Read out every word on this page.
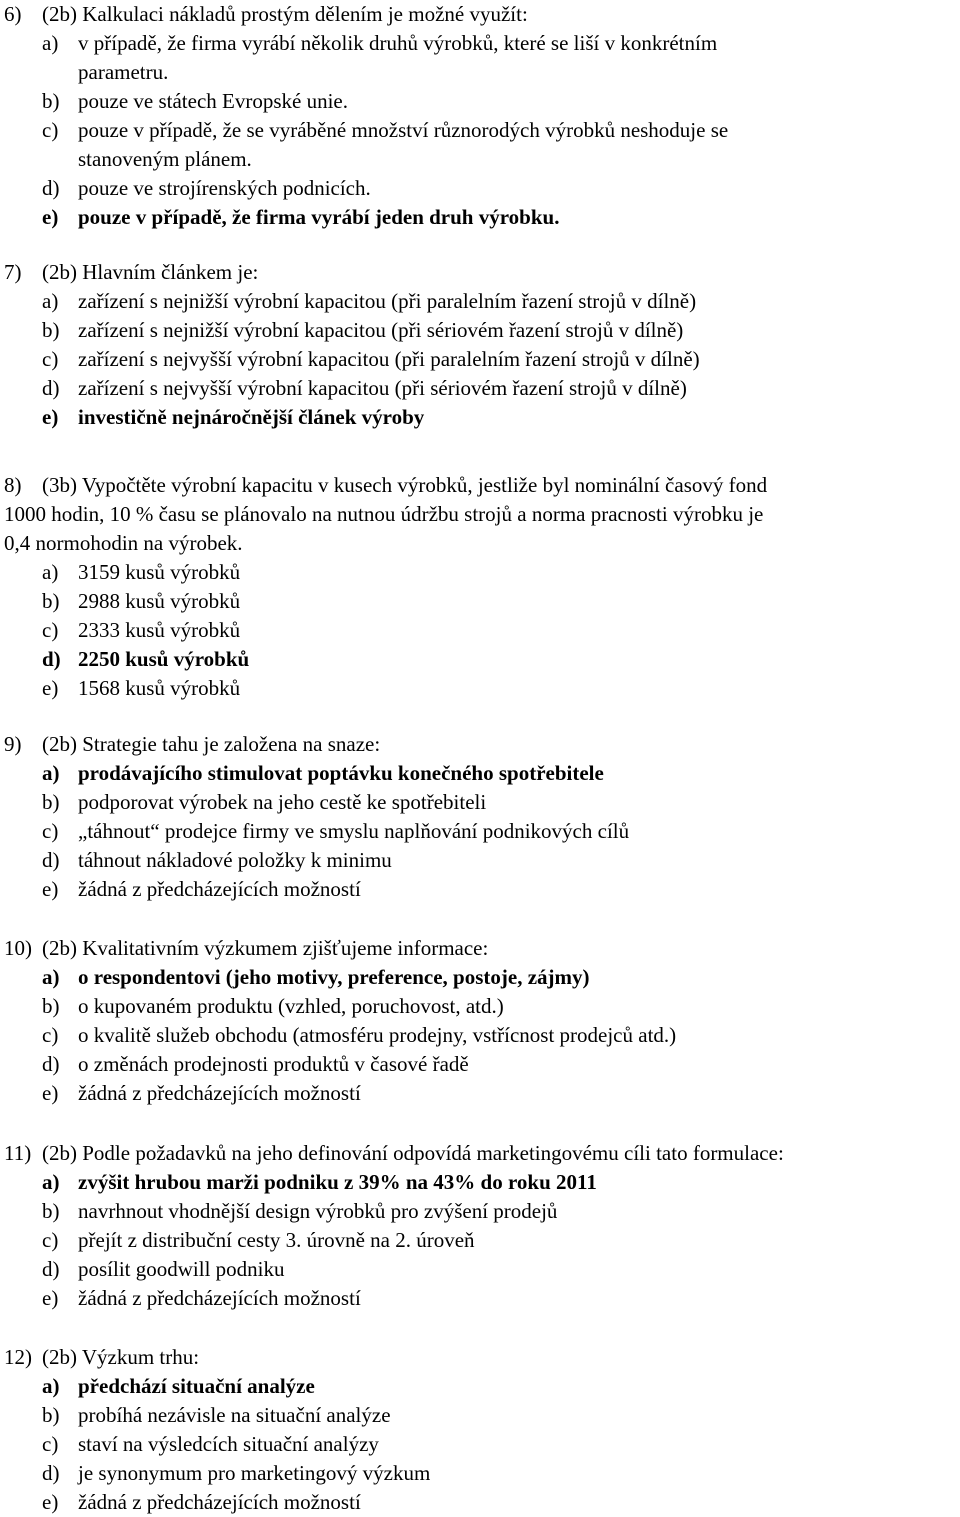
6) (2b) Kalkulaci nákladů prostým dělením je možné využít:
a) v případě, že firma vyrábí několik druhů výrobků, které se liší v konkrétním
parametru.
b) pouze ve státech Evropské unie.
c) pouze v případě, že se vyráběné množství různorodých výrobků neshoduje se
stanoveným plánem.
d) pouze ve strojírenských podnicích.
e) pouze v případě, že firma vyrábí jeden druh výrobku.
7) (2b) Hlavním článkem je:
a) zařízení s nejnižší výrobní kapacitou (při paralelním řazení strojů v dílně)
b) zařízení s nejnižší výrobní kapacitou (při sériovém řazení strojů v dílně)
c) zařízení s nejvyšší výrobní kapacitou (při paralelním řazení strojů v dílně)
d) zařízení s nejvyšší výrobní kapacitou (při sériovém řazení strojů v dílně)
e) investičně nejnáročnější článek výroby
8) (3b) Vypočtěte výrobní kapacitu v kusech výrobků, jestliže byl nominální časový fond
1000 hodin, 10 % času se plánovalo na nutnou údržbu strojů a norma pracnosti výrobku je
0,4 normohodin na výrobek.
a) 3159 kusů výrobků
b) 2988 kusů výrobků
c) 2333 kusů výrobků
d) 2250 kusů výrobků
e) 1568 kusů výrobků
9) (2b) Strategie tahu je založena na snaze:
a) prodávajícího stimulovat poptávku konečného spotřebitele
b) podporovat výrobek na jeho cestě ke spotřebiteli
c) „táhnout“ prodejce firmy ve smyslu naplňování podnikových cílů
d) táhnout nákladové položky k minimu
e) žádná z předcházejících možností
10) (2b) Kvalitativním výzkumem zjišťujeme informace:
a) o respondentovi (jeho motivy, preference, postoje, zájmy)
b) o kupovaném produktu (vzhled, poruchovost, atd.)
c) o kvalitě služeb obchodu (atmosféru prodejny, vstřícnost prodejců atd.)
d) o změnách prodejnosti produktů v časové řadě
e) žádná z předcházejících možností
11) (2b) Podle požadavků na jeho definování odpovídá marketingovému cíli tato formulace:
a) zvýšit hrubou marži podniku z 39% na 43% do roku 2011
b) navrhnout vhodnější design výrobků pro zvýšení prodejů
c) přejít z distribuční cesty 3. úrovně na 2. úroveň
d) posílit goodwill podniku
e) žádná z předcházejících možností
12) (2b) Výzkum trhu:
a) předchází situační analýze
b) probíhá nezávisle na situační analýze
c) staví na výsledcích situační analýzy
d) je synonymum pro marketingový výzkum
e) žádná z předcházejících možností
